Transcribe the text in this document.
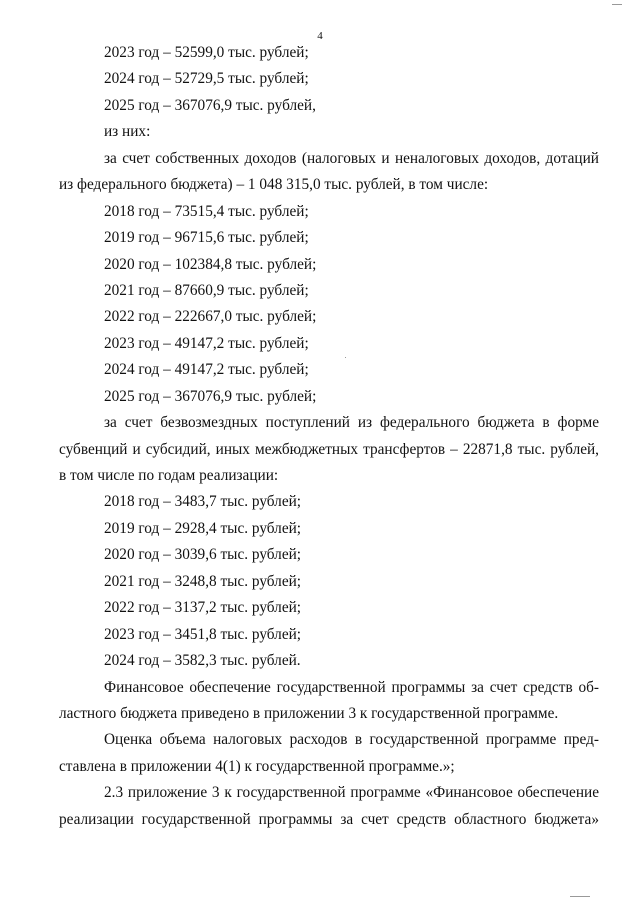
4
2023 год – 52599,0 тыс. рублей;
2024 год – 52729,5 тыс. рублей;
2025 год – 367076,9 тыс. рублей,
из них:
за счет собственных доходов (налоговых и неналоговых доходов, дотаций
из федерального бюджета) – 1 048 315,0 тыс. рублей, в том числе:
2018 год – 73515,4 тыс. рублей;
2019 год – 96715,6 тыс. рублей;
2020 год – 102384,8 тыс. рублей;
2021 год – 87660,9 тыс. рублей;
2022 год – 222667,0 тыс. рублей;
2023 год – 49147,2 тыс. рублей;
2024 год – 49147,2 тыс. рублей;
2025 год – 367076,9 тыс. рублей;
за счет безвозмездных поступлений из федерального бюджета в форме
субвенций и субсидий, иных межбюджетных трансфертов – 22871,8 тыс. рублей,
в том числе по годам реализации:
2018 год – 3483,7 тыс. рублей;
2019 год – 2928,4 тыс. рублей;
2020 год – 3039,6 тыс. рублей;
2021 год – 3248,8 тыс. рублей;
2022 год – 3137,2 тыс. рублей;
2023 год – 3451,8 тыс. рублей;
2024 год – 3582,3 тыс. рублей.
Финансовое обеспечение государственной программы за счет средств об-
ластного бюджета приведено в приложении 3 к государственной программе.
Оценка объема налоговых расходов в государственной программе пред-
ставлена в приложении 4(1) к государственной программе.»;
2.3 приложение 3 к государственной программе «Финансовое обеспечение
реализации государственной программы за счет средств областного бюджета»
